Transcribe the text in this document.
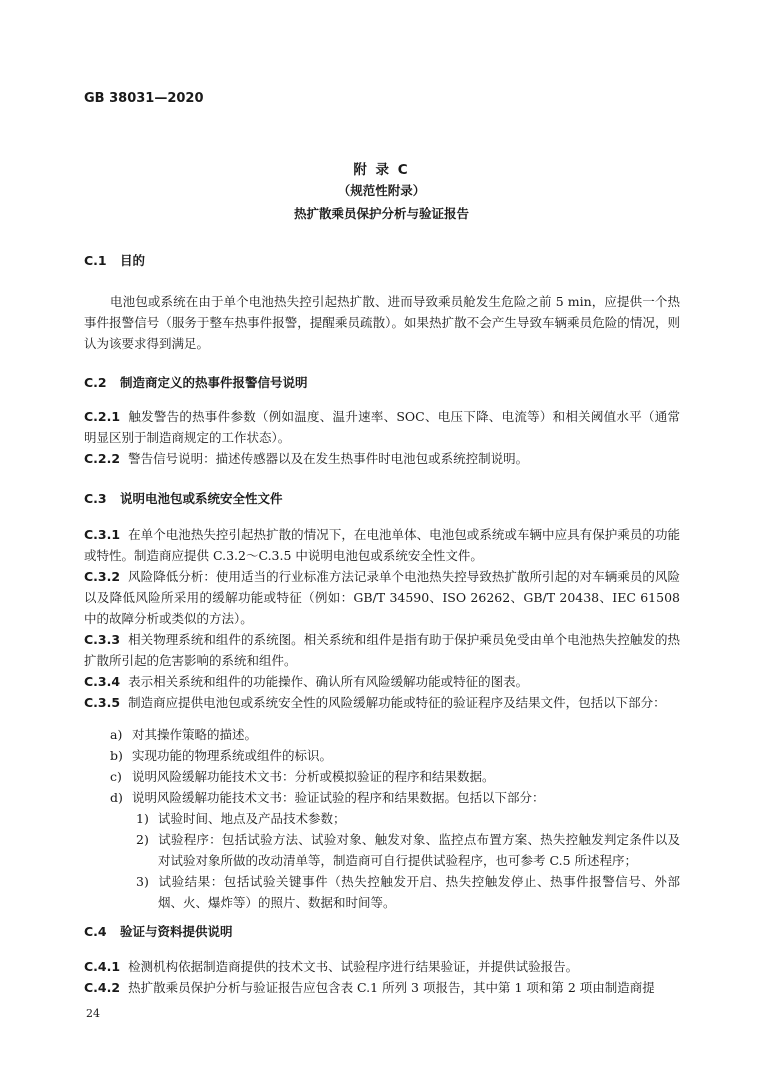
GB 38031—2020
附 录 C
（规范性附录）
热扩散乘员保护分析与验证报告
C.1 目的
电池包或系统在由于单个电池热失控引起热扩散、进而导致乘员舱发生危险之前 5 min，应提供一个热事件报警信号（服务于整车热事件报警，提醒乘员疏散）。如果热扩散不会产生导致车辆乘员危险的情况，则认为该要求得到满足。
C.2 制造商定义的热事件报警信号说明
C.2.1 触发警告的热事件参数（例如温度、温升速率、SOC、电压下降、电流等）和相关阈值水平（通常明显区别于制造商规定的工作状态）。
C.2.2 警告信号说明：描述传感器以及在发生热事件时电池包或系统控制说明。
C.3 说明电池包或系统安全性文件
C.3.1 在单个电池热失控引起热扩散的情况下，在电池单体、电池包或系统或车辆中应具有保护乘员的功能或特性。制造商应提供 C.3.2～C.3.5 中说明电池包或系统安全性文件。
C.3.2 风险降低分析：使用适当的行业标准方法记录单个电池热失控导致热扩散所引起的对车辆乘员的风险以及降低风险所采用的缓解功能或特征（例如：GB/T 34590、ISO 26262、GB/T 20438、IEC 61508 中的故障分析或类似的方法）。
C.3.3 相关物理系统和组件的系统图。相关系统和组件是指有助于保护乘员免受由单个电池热失控触发的热扩散所引起的危害影响的系统和组件。
C.3.4 表示相关系统和组件的功能操作、确认所有风险缓解功能或特征的图表。
C.3.5 制造商应提供电池包或系统安全性的风险缓解功能或特征的验证程序及结果文件，包括以下部分：
a) 对其操作策略的描述。
b) 实现功能的物理系统或组件的标识。
c) 说明风险缓解功能技术文书：分析或模拟验证的程序和结果数据。
d) 说明风险缓解功能技术文书：验证试验的程序和结果数据。包括以下部分：
1) 试验时间、地点及产品技术参数；
2) 试验程序：包括试验方法、试验对象、触发对象、监控点布置方案、热失控触发判定条件以及对试验对象所做的改动清单等，制造商可自行提供试验程序，也可参考 C.5 所述程序；
3) 试验结果：包括试验关键事件（热失控触发开启、热失控触发停止、热事件报警信号、外部烟、火、爆炸等）的照片、数据和时间等。
C.4 验证与资料提供说明
C.4.1 检测机构依据制造商提供的技术文书、试验程序进行结果验证，并提供试验报告。
C.4.2 热扩散乘员保护分析与验证报告应包含表 C.1 所列 3 项报告，其中第 1 项和第 2 项由制造商提
24
